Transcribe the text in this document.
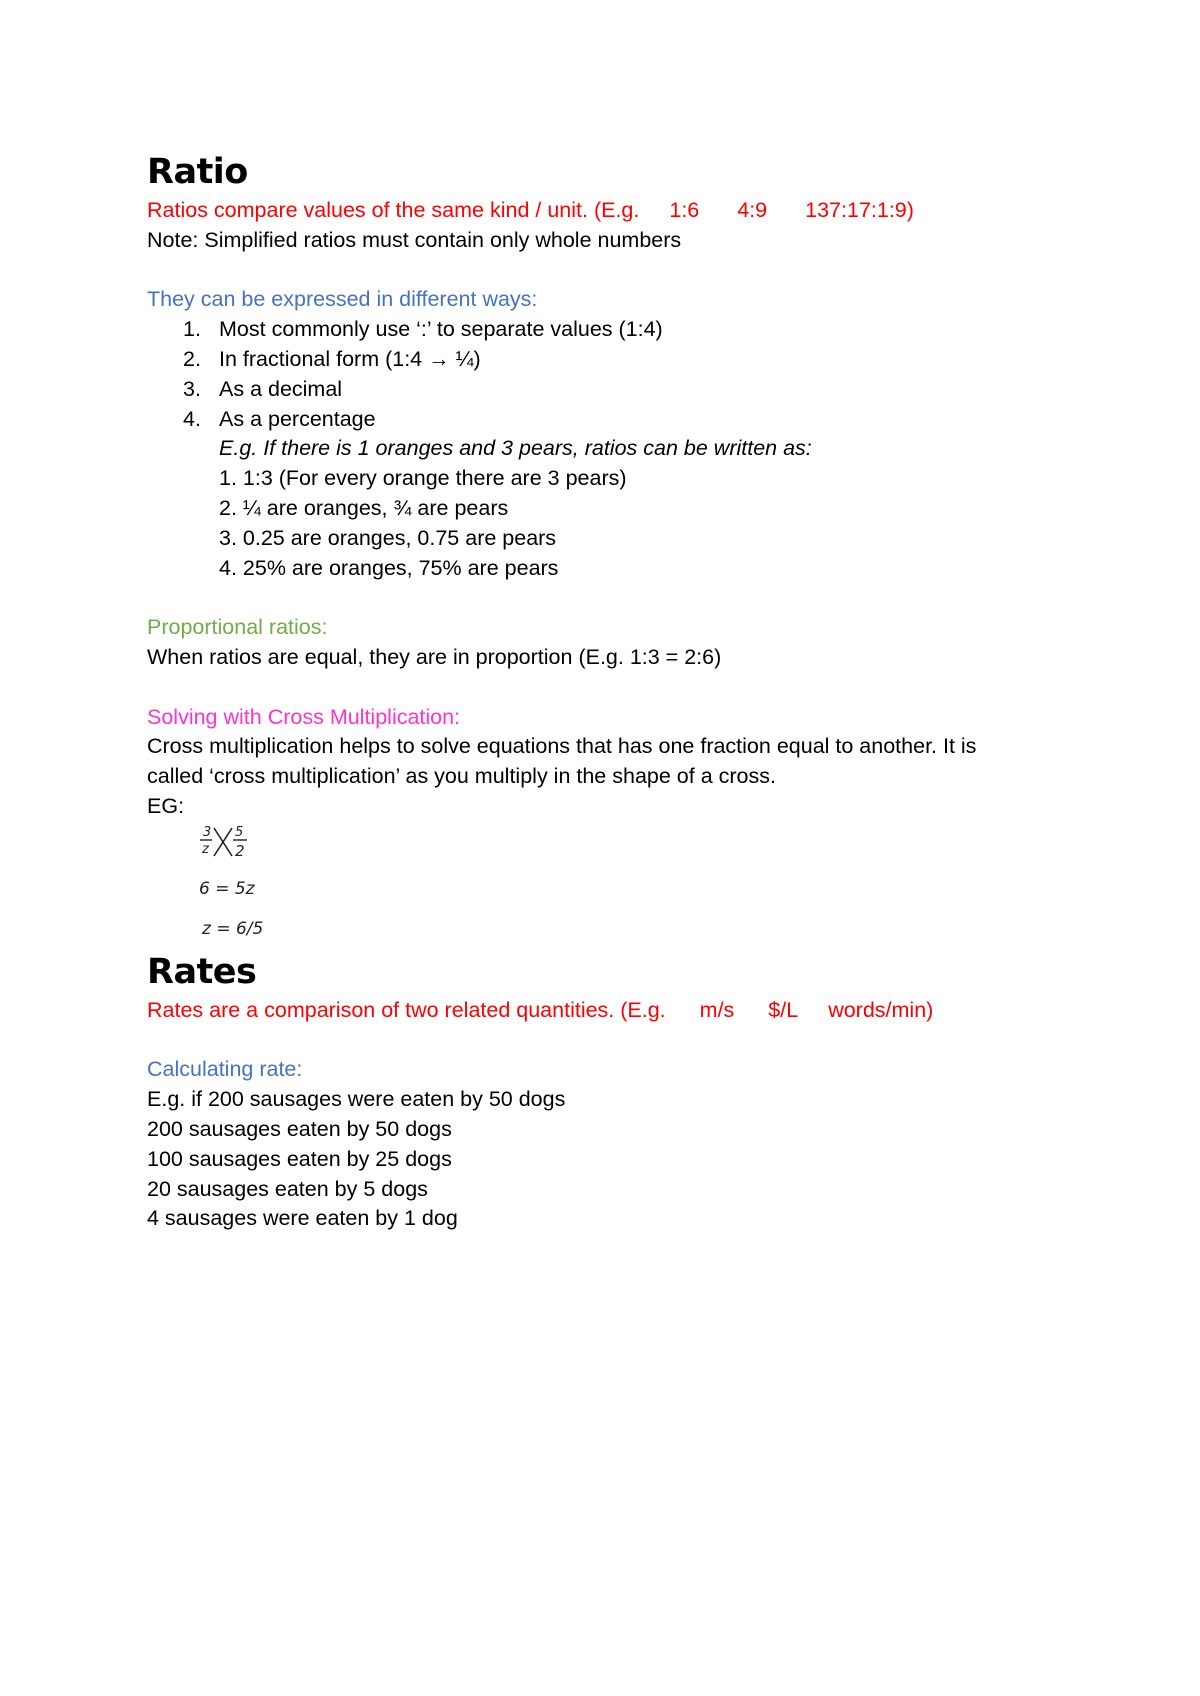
Ratio

Ratios compare values of the same kind / unit. (E.g. 1:6 4:9 137:17:1:9)

Note: Simplified ratios must contain only whole numbers

They can be expressed in different ways:

1. Most commonly use ‘:’ to separate values (1:4)
2. In fractional form (1:4 → ¼)
3. As a decimal
4. As a percentage

E.g. If there is 1 oranges and 3 pears, ratios can be written as:

1. 1:3 (For every orange there are 3 pears)

2. ¼ are oranges, ¾ are pears

3. 0.25 are oranges, 0.75 are pears

4. 25% are oranges, 75% are pears

Proportional ratios:

When ratios are equal, they are in proportion (E.g. 1:3 = 2:6)

Solving with Cross Multiplication:

Cross multiplication helps to solve equations that has one fraction equal to another. It is

called ‘cross multiplication’ as you multiply in the shape of a cross.

EG:

3
z
5
2
6 = 5z
z = 6/5
Rates

Rates are a comparison of two related quantities. (E.g. m/s $/L words/min)

Calculating rate:

E.g. if 200 sausages were eaten by 50 dogs

200 sausages eaten by 50 dogs

100 sausages eaten by 25 dogs

20 sausages eaten by 5 dogs

4 sausages were eaten by 1 dog
